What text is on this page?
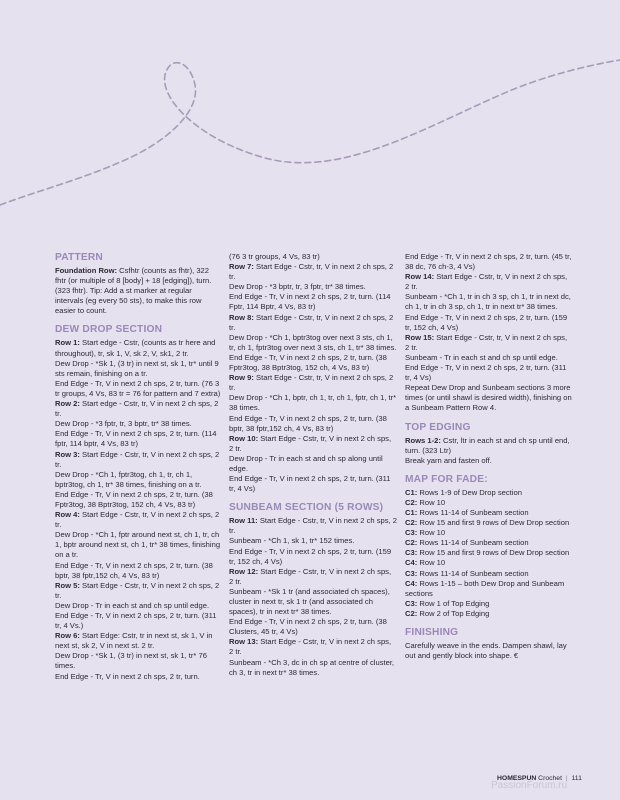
PATTERN

Foundation Row: Csfhtr (counts as fhtr), 322 fhtr (or multiple of 8 [body] + 18 [edging]), turn. (323 fhtr). Tip: Add a st marker at regular intervals (eg every 50 sts), to make this row easier to count.

DEW DROP SECTION

Row 1: Start edge - Cstr, (counts as tr here and throughout), tr, sk 1, V, sk 2, V, sk1, 2 tr.

Dew Drop - *Sk 1, (3 tr) in next st, sk 1, tr* until 9 sts remain, finishing on a tr.

End Edge - Tr, V in next 2 ch sps, 2 tr, turn. (76 3 tr groups, 4 Vs, 83 tr = 76 for pattern and 7 extra)

Row 2: Start edge - Cstr, tr, V in next 2 ch sps, 2 tr.

Dew Drop - *3 fptr, tr, 3 bptr, tr* 38 times.

End Edge - Tr, V in next 2 ch sps, 2 tr, turn. (114 fptr, 114 bptr, 4 Vs, 83 tr)

Row 3: Start Edge - Cstr, tr, V in next 2 ch sps, 2 tr.

Dew Drop - *Ch 1, fptr3tog, ch 1, tr, ch 1, bptr3tog, ch 1, tr* 38 times, finishing on a tr.

End Edge - Tr, V in next 2 ch sps, 2 tr, turn. (38 Fptr3tog, 38 Bptr3tog, 152 ch, 4 Vs, 83 tr)

Row 4: Start Edge - Cstr, tr, V in next 2 ch sps, 2 tr.

Dew Drop - *Ch 1, fptr around next st, ch 1, tr, ch 1, bptr around next st, ch 1, tr* 38 times, finishing on a tr.

End Edge - Tr, V in next 2 ch sps, 2 tr, turn. (38 bptr, 38 fptr,152 ch, 4 Vs, 83 tr)

Row 5: Start Edge - Cstr, tr, V in next 2 ch sps, 2 tr.

Dew Drop - Tr in each st and ch sp until edge.

End Edge - Tr, V in next 2 ch sps, 2 tr, turn. (311 tr, 4 Vs.)

Row 6: Start Edge: Cstr, tr in next st, sk 1, V in next st, sk 2, V in next st. 2 tr.

Dew Drop - *Sk 1, (3 tr) in next st, sk 1, tr* 76 times.

End Edge - Tr, V in next 2 ch sps, 2 tr, turn.

(76 3 tr groups, 4 Vs, 83 tr)

Row 7: Start Edge - Cstr, tr, V in next 2 ch sps, 2 tr.

Dew Drop - *3 bptr, tr, 3 fptr, tr* 38 times.

End Edge - Tr, V in next 2 ch sps, 2 tr, turn. (114 Fptr, 114 Bptr, 4 Vs, 83 tr)

Row 8: Start Edge - Cstr, tr, V in next 2 ch sps, 2 tr.

Dew Drop - *Ch 1, bptr3tog over next 3 sts, ch 1, tr, ch 1, fptr3tog over next 3 sts, ch 1, tr* 38 times.

End Edge - Tr, V in next 2 ch sps, 2 tr, turn. (38 Fptr3tog, 38 Bptr3tog, 152 ch, 4 Vs, 83 tr)

Row 9: Start Edge - Cstr, tr, V in next 2 ch sps, 2 tr.

Dew Drop - *Ch 1, bptr, ch 1, tr, ch 1, fptr, ch 1, tr* 38 times.

End Edge - Tr, V in next 2 ch sps, 2 tr, turn. (38 bptr, 38 fptr,152 ch, 4 Vs, 83 tr)

Row 10: Start Edge - Cstr, tr, V in next 2 ch sps, 2 tr.

Dew Drop - Tr in each st and ch sp along until edge.

End Edge - Tr, V in next 2 ch sps, 2 tr, turn. (311 tr, 4 Vs)

SUNBEAM SECTION (5 ROWS)

Row 11: Start Edge - Cstr, tr, V in next 2 ch sps, 2 tr.

Sunbeam - *Ch 1, sk 1, tr* 152 times.

End Edge - Tr, V in next 2 ch sps, 2 tr, turn. (159 tr, 152 ch, 4 Vs)

Row 12: Start Edge - Cstr, tr, V in next 2 ch sps, 2 tr.

Sunbeam - *Sk 1 tr (and associated ch spaces), cluster in next tr, sk 1 tr (and associated ch spaces), tr in next tr* 38 times.

End Edge - Tr, V in next 2 ch sps, 2 tr, turn. (38 Clusters, 45 tr, 4 Vs)

Row 13: Start Edge - Cstr, tr, V in next 2 ch sps, 2 tr.

Sunbeam - *Ch 3, dc in ch sp at centre of cluster, ch 3, tr in next tr* 38 times.

End Edge - Tr, V in next 2 ch sps, 2 tr, turn. (45 tr, 38 dc, 76 ch-3, 4 Vs)

Row 14: Start Edge - Cstr, tr, V in next 2 ch sps, 2 tr.

Sunbeam - *Ch 1, tr in ch 3 sp, ch 1, tr in next dc, ch 1, tr in ch 3 sp, ch 1, tr in next tr* 38 times.

End Edge - Tr, V in next 2 ch sps, 2 tr, turn. (159 tr, 152 ch, 4 Vs)

Row 15: Start Edge - Cstr, tr, V in next 2 ch sps, 2 tr.

Sunbeam - Tr in each st and ch sp until edge.

End Edge - Tr, V in next 2 ch sps, 2 tr, turn. (311 tr, 4 Vs)

Repeat Dew Drop and Sunbeam sections 3 more times (or until shawl is desired width), finishing on a Sunbeam Pattern Row 4.

TOP EDGING

Rows 1-2: Cstr, ltr in each st and ch sp until end, turn. (323 Ltr)

Break yarn and fasten off.

MAP FOR FADE:

C1: Rows 1-9 of Dew Drop section

C2: Row 10

C1: Rows 11-14 of Sunbeam section

C2: Row 15 and first 9 rows of Dew Drop section

C3: Row 10

C2: Rows 11-14 of Sunbeam section

C3: Row 15 and first 9 rows of Dew Drop section

C4: Row 10

C3: Rows 11-14 of Sunbeam section

C4: Rows 1-15 – both Dew Drop and Sunbeam sections

C3: Row 1 of Top Edging

C2: Row 2 of Top Edging

FINISHING

Carefully weave in the ends. Dampen shawl, lay out and gently block into shape. €

HOMESPUN Crochet | 111
PassionForum.ru
